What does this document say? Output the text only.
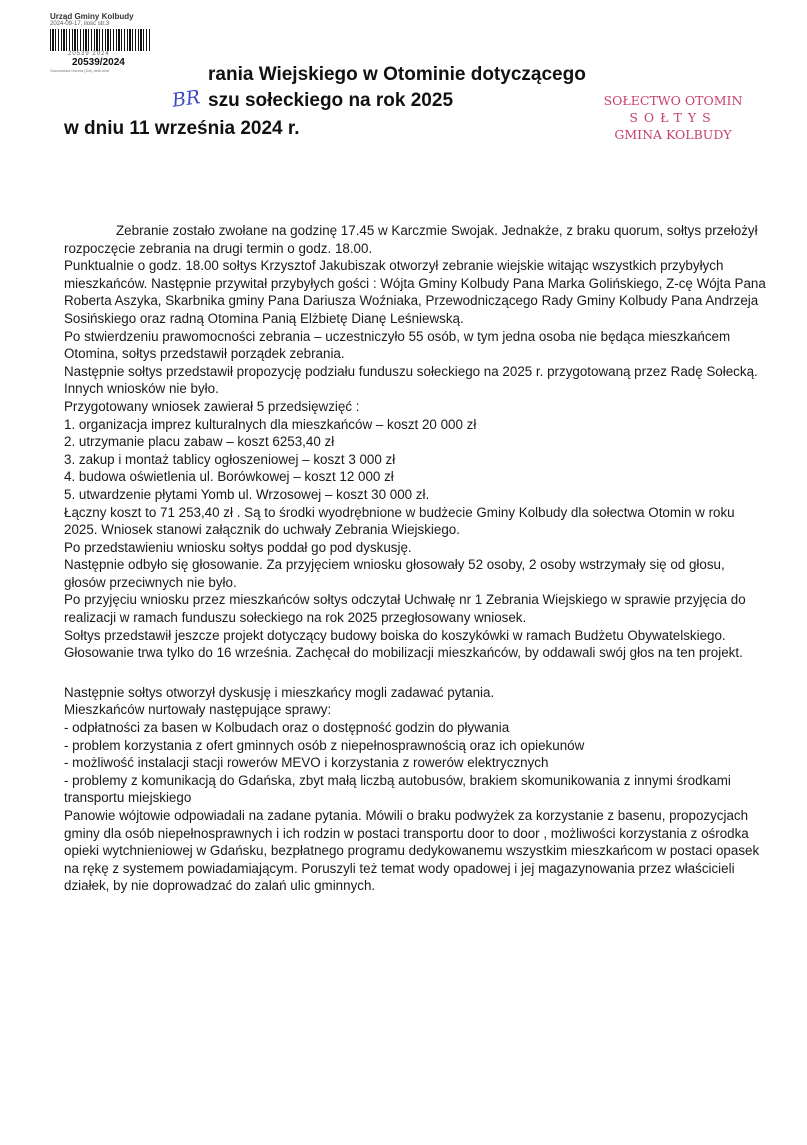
Urząd Gminy Kolbudy
2024-09-17, ilość str.3
20539 2024
20539/2024
Saczewska Hanna (DA) delk.ekst
BR
rania Wiejskiego w Otominie dotyczącego
szu sołeckiego na rok 2025
w dniu 11 września 2024 r.
SOŁECTWO OTOMIN
SOŁTYS
GMINA KOLBUDY

Zebranie zostało zwołane na godzinę 17.45 w Karczmie Swojak. Jednakże, z braku quorum, sołtys przełożył rozpoczęcie zebrania na drugi termin o godz. 18.00.

Punktualnie o godz. 18.00 sołtys Krzysztof Jakubiszak otworzył zebranie wiejskie witając wszystkich przybyłych mieszkańców. Następnie przywitał przybyłych gości : Wójta Gminy Kolbudy Pana Marka Golińskiego, Z-cę Wójta Pana Roberta Aszyka, Skarbnika gminy Pana Dariusza Woźniaka, Przewodniczącego Rady Gminy Kolbudy Pana Andrzeja Sosińskiego oraz radną Otomina Panią Elżbietę Dianę Leśniewską.

Po stwierdzeniu prawomocności zebrania – uczestniczyło 55 osób, w tym jedna osoba nie będąca mieszkańcem Otomina, sołtys przedstawił porządek zebrania.

Następnie sołtys przedstawił propozycję podziału funduszu sołeckiego na 2025 r. przygotowaną przez Radę Sołecką. Innych wniosków nie było.

Przygotowany wniosek zawierał 5 przedsięwzięć :

1. organizacja imprez kulturalnych dla mieszkańców – koszt 20 000 zł

2. utrzymanie placu zabaw – koszt 6253,40 zł

3. zakup i montaż tablicy ogłoszeniowej – koszt 3 000 zł

4. budowa oświetlenia ul. Borówkowej – koszt 12 000 zł

5. utwardzenie płytami Yomb ul. Wrzosowej – koszt 30 000 zł.

Łączny koszt to 71 253,40 zł . Są to środki wyodrębnione w budżecie Gminy Kolbudy dla sołectwa Otomin w roku 2025. Wniosek stanowi załącznik do uchwały Zebrania Wiejskiego.

Po przedstawieniu wniosku sołtys poddał go pod dyskusję.

Następnie odbyło się głosowanie. Za przyjęciem wniosku głosowały 52 osoby, 2 osoby wstrzymały się od głosu, głosów przeciwnych nie było.

Po przyjęciu wniosku przez mieszkańców sołtys odczytał Uchwałę nr 1 Zebrania Wiejskiego w sprawie przyjęcia do realizacji w ramach funduszu sołeckiego na rok 2025 przegłosowany wniosek.

Sołtys przedstawił jeszcze projekt dotyczący budowy boiska do koszykówki w ramach Budżetu Obywatelskiego. Głosowanie trwa tylko do 16 września. Zachęcał do mobilizacji mieszkańców, by oddawali swój głos na ten projekt.

Następnie sołtys otworzył dyskusję i mieszkańcy mogli zadawać pytania.

Mieszkańców nurtowały następujące sprawy:

- odpłatności za basen w Kolbudach oraz o dostępność godzin do pływania

- problem korzystania z ofert gminnych osób z niepełnosprawnością oraz ich opiekunów

- możliwość instalacji stacji rowerów MEVO i korzystania z rowerów elektrycznych

- problemy z komunikacją do Gdańska, zbyt małą liczbą autobusów, brakiem skomunikowania z innymi środkami transportu miejskiego

Panowie wójtowie odpowiadali na zadane pytania. Mówili o braku podwyżek za korzystanie z basenu, propozycjach gminy dla osób niepełnosprawnych i ich rodzin w postaci transportu door to door , możliwości korzystania z ośrodka opieki wytchnieniowej w Gdańsku, bezpłatnego programu dedykowanemu wszystkim mieszkańcom w postaci opasek na rękę z systemem powiadamiającym. Poruszyli też temat wody opadowej i jej magazynowania przez właścicieli działek, by nie doprowadzać do zalań ulic gminnych.
